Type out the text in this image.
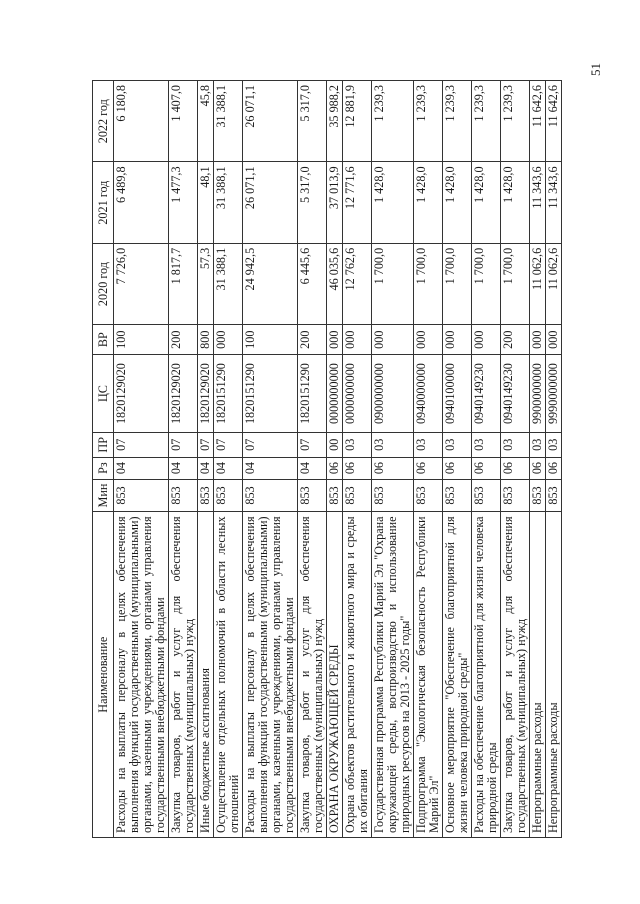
51
Наименование	Мин	Рз	ПР	ЦС	ВР	2020 год	2021 год	2022 год
Расходы на выплаты персоналу в целях обеспечения выполнения функций государственными (муниципальными) органами, казенными учреждениями, органами управления государственными внебюджетными фондами	853	04	07	1820129020	100	7 726,0	6 489,8	6 180,8

Закупка товаров, работ и услуг для обеспечения государственных (муниципальных) нужд	853	04	07	1820129020	200	1 817,7	1 477,3	1 407,0

Иные бюджетные ассигнования	853	04	07	1820129020	800	57,3	48,1	45,8

Осуществление отдельных полномочий в области лесных отношений	853	04	07	1820151290	000	31 388,1	31 388,1	31 388,1

Расходы на выплаты персоналу в целях обеспечения выполнения функций государственными (муниципальными) органами, казенными учреждениями, органами управления государственными внебюджетными фондами	853	04	07	1820151290	100	24 942,5	26 071,1	26 071,1

Закупка товаров, работ и услуг для обеспечения государственных (муниципальных) нужд	853	04	07	1820151290	200	6 445,6	5 317,0	5 317,0

ОХРАНА ОКРУЖАЮЩЕЙ СРЕДЫ	853	06	00	0000000000	000	46 035,6	37 013,9	35 988,2

Охрана объектов растительного и животного мира и среды их обитания	853	06	03	0000000000	000	12 762,6	12 771,6	12 881,9

Государственная программа Республики Марий Эл "Охрана окружающей среды, воспроизводство и использование природных ресурсов на 2013 - 2025 годы"	853	06	03	0900000000	000	1 700,0	1 428,0	1 239,3

Подпрограмма "Экологическая безопасность Республики Марий Эл"	853	06	03	0940000000	000	1 700,0	1 428,0	1 239,3

Основное мероприятие "Обеспечение благоприятной для жизни человека природной среды"	853	06	03	0940100000	000	1 700,0	1 428,0	1 239,3

Расходы на обеспечение благоприятной для жизни человека природной среды	853	06	03	0940149230	000	1 700,0	1 428,0	1 239,3

Закупка товаров, работ и услуг для обеспечения государственных (муниципальных) нужд	853	06	03	0940149230	200	1 700,0	1 428,0	1 239,3

Непрограммные расходы	853	06	03	9900000000	000	11 062,6	11 343,6	11 642,6

Непрограммные расходы	853	06	03	9990000000	000	11 062,6	11 343,6	11 642,6
